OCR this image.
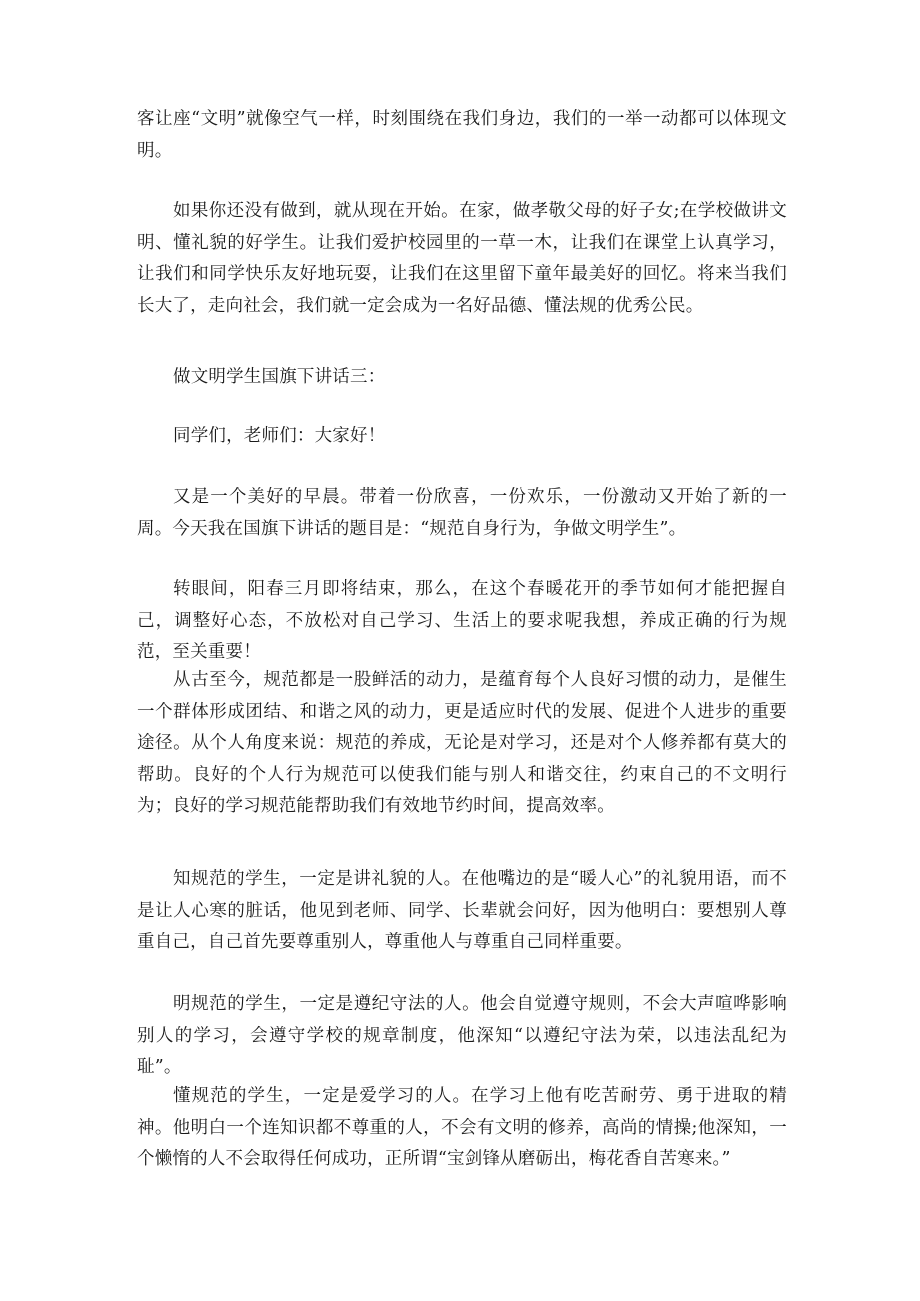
客让座“文明”就像空气一样，时刻围绕在我们身边，我们的一举一动都可以体现文明。

如果你还没有做到，就从现在开始。在家，做孝敬父母的好子女;在学校做讲文明、懂礼貌的好学生。让我们爱护校园里的一草一木，让我们在课堂上认真学习，让我们和同学快乐友好地玩耍，让我们在这里留下童年最美好的回忆。将来当我们长大了，走向社会，我们就一定会成为一名好品德、懂法规的优秀公民。

做文明学生国旗下讲话三：

同学们，老师们：大家好！

又是一个美好的早晨。带着一份欣喜，一份欢乐，一份激动又开始了新的一周。今天我在国旗下讲话的题目是：“规范自身行为，争做文明学生”。

转眼间，阳春三月即将结束，那么，在这个春暖花开的季节如何才能把握自己，调整好心态，不放松对自己学习、生活上的要求呢我想，养成正确的行为规范，至关重要！

从古至今，规范都是一股鲜活的动力，是蕴育每个人良好习惯的动力，是催生一个群体形成团结、和谐之风的动力，更是适应时代的发展、促进个人进步的重要途径。从个人角度来说：规范的养成，无论是对学习，还是对个人修养都有莫大的帮助。良好的个人行为规范可以使我们能与别人和谐交往，约束自己的不文明行为；良好的学习规范能帮助我们有效地节约时间，提高效率。

知规范的学生，一定是讲礼貌的人。在他嘴边的是“暖人心”的礼貌用语，而不是让人心寒的脏话，他见到老师、同学、长辈就会问好，因为他明白：要想别人尊重自己，自己首先要尊重别人，尊重他人与尊重自己同样重要。

明规范的学生，一定是遵纪守法的人。他会自觉遵守规则，不会大声喧哗影响别人的学习，会遵守学校的规章制度，他深知“以遵纪守法为荣，以违法乱纪为耻”。

懂规范的学生，一定是爱学习的人。在学习上他有吃苦耐劳、勇于进取的精神。他明白一个连知识都不尊重的人，不会有文明的修养，高尚的情操;他深知，一个懒惰的人不会取得任何成功，正所谓“宝剑锋从磨砺出，梅花香自苦寒来。”
